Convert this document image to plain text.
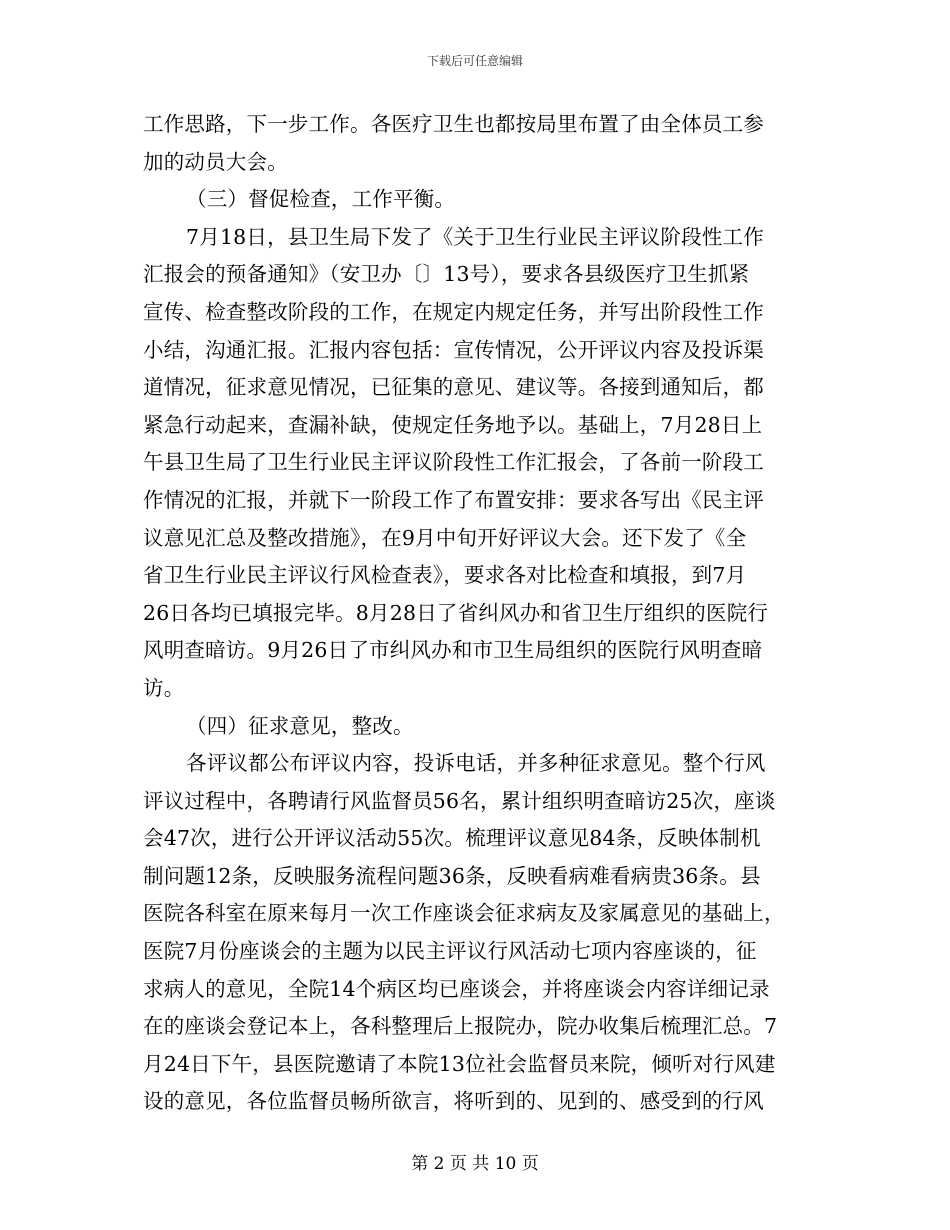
下载后可任意编辑
工作思路，下一步工作。各医疗卫生也都按局里布置了由全体员工参
加的动员大会。
（三）督促检查，工作平衡。
7月18日，县卫生局下发了《关于卫生行业民主评议阶段性工作
汇报会的预备通知》（安卫办〔〕13号），要求各县级医疗卫生抓紧
宣传、检查整改阶段的工作，在规定内规定任务，并写出阶段性工作
小结，沟通汇报。汇报内容包括：宣传情况，公开评议内容及投诉渠
道情况，征求意见情况，已征集的意见、建议等。各接到通知后，都
紧急行动起来，查漏补缺，使规定任务地予以。基础上，7月28日上
午县卫生局了卫生行业民主评议阶段性工作汇报会，了各前一阶段工
作情况的汇报，并就下一阶段工作了布置安排：要求各写出《民主评
议意见汇总及整改措施》，在9月中旬开好评议大会。还下发了《全
省卫生行业民主评议行风检查表》，要求各对比检查和填报，到7月
26日各均已填报完毕。8月28日了省纠风办和省卫生厅组织的医院行
风明查暗访。9月26日了市纠风办和市卫生局组织的医院行风明查暗
访。
（四）征求意见，整改。
各评议都公布评议内容，投诉电话，并多种征求意见。整个行风
评议过程中，各聘请行风监督员56名，累计组织明查暗访25次，座谈
会47次，进行公开评议活动55次。梳理评议意见84条，反映体制机
制问题12条，反映服务流程问题36条，反映看病难看病贵36条。县
医院各科室在原来每月一次工作座谈会征求病友及家属意见的基础上，
医院7月份座谈会的主题为以民主评议行风活动七项内容座谈的，征
求病人的意见，全院14个病区均已座谈会，并将座谈会内容详细记录
在的座谈会登记本上，各科整理后上报院办，院办收集后梳理汇总。7
月24日下午，县医院邀请了本院13位社会监督员来院，倾听对行风建
设的意见，各位监督员畅所欲言，将听到的、见到的、感受到的行风
第 2 页 共 10 页
